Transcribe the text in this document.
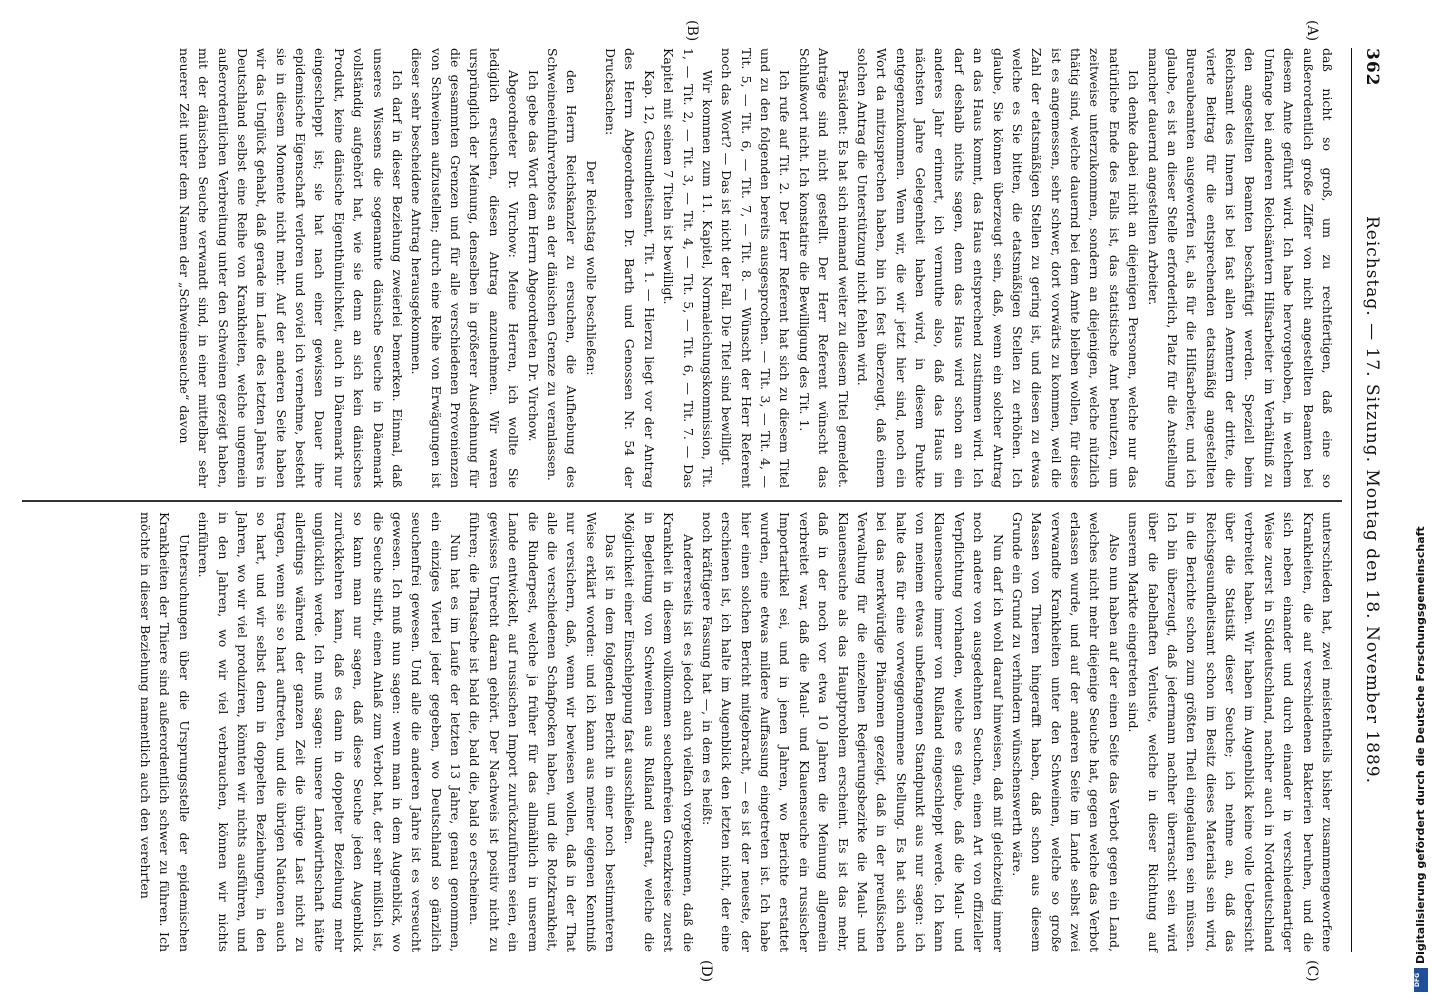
362
Reichstag. — 17. Sitzung. Montag den 18. November 1889.
(A)
(B)
(C)
(D)

daß nicht so groß, um zu rechtfertigen, daß eine so außerordentlich große Ziffer von nicht angestellten Beamten bei diesem Amte geführt wird. Ich habe hervorgehoben, in welchem Umfange bei anderen Reichsämtern Hilfsarbeiter im Verhältniß zu den angestellten Beamten beschäftigt werden. Speziell beim Reichsamt des Innern ist bei fast allen Aemtern der dritte, die vierte Beitrag für die entsprechenden etatsmäßig angestellten Bureaubeamten ausgeworfen ist, als für die Hilfsarbeiter, und ich glaube, es ist an dieser Stelle erforderlich, Platz für die Anstellung mancher dauernd angestellten Arbeiter.

Ich denke dabei nicht an diejenigen Personen, welche nur das natürliche Ende des Falls ist, das statistische Amt benutzen, um zeitweise unterzukommen, sondern an diejenigen, welche nützlich thätig sind, welche dauernd bei dem Amte bleiben wollen, für diese ist es angemessen, sehr schwer, dort vorwärts zu kommen, weil die Zahl der etatsmäßigen Stellen zu gering ist, und diesen zu etwas welche es Sie bitten, die etatsmäßigen Stellen zu erhöhen. Ich glaube, Sie können überzeugt sein, daß, wenn ein solcher Antrag an das Haus kommt, das Haus entsprechend zustimmen wird. Ich darf deshalb nichts sagen, denn das Haus wird schon an ein anderes Jahr erinnert, ich vermuthe also, daß das Haus im nächsten Jahre Gelegenheit haben wird, in diesem Punkte entgegenzukommen. Wenn wir, die wir jetzt hier sind, noch ein Wort da mitzusprechen haben, bin ich fest überzeugt, daß einem solchen Antrag die Unterstützung nicht fehlen wird.

Präsident: Es hat sich niemand weiter zu diesem Titel gemeldet. Anträge sind nicht gestellt. Der Herr Referent wünscht das Schlußwort nicht. Ich konstatire die Bewilligung des Tit. 1.

Ich rufe auf Tit. 2. Der Herr Referent hat sich zu diesem Titel und zu den folgenden bereits ausgesprochen. — Tit. 3, — Tit. 4, — Tit. 5, — Tit. 6, — Tit. 7, — Tit. 8. — Wünscht der Herr Referent noch das Wort? — Das ist nicht der Fall. Die Titel sind bewilligt.

Wir kommen zum 11. Kapitel, Normaleichungskommission, Tit. 1, — Tit. 2, — Tit. 3, — Tit. 4, — Tit. 5, — Tit. 6, — Tit. 7. — Das Kapitel mit seinen 7 Titeln ist bewilligt.

Kap. 12, Gesundheitsamt, Tit. 1. — Hierzu liegt vor der Antrag des Herrn Abgeordneten Dr. Barth und Genossen Nr. 54 der Drucksachen:

Der Reichstag wolle beschließen:

den Herrn Reichskanzler zu ersuchen, die Aufhebung des Schweineeinfuhrverbotes an der dänischen Grenze zu veranlassen.

Ich gebe das Wort dem Herrn Abgeordneten Dr. Virchow.

Abgeordneter Dr. Virchow: Meine Herren, ich wollte Sie lediglich ersuchen, diesen Antrag anzunehmen. Wir waren ursprünglich der Meinung, denselben in größerer Ausdehnung für die gesammten Grenzen und für alle verschiedenen Provenienzen von Schweinen aufzustellen; durch eine Reihe von Erwägungen ist dieser sehr bescheidene Antrag herausgekommen.

Ich darf in dieser Beziehung zweierlei bemerken. Einmal, daß unseres Wissens die sogenannte dänische Seuche in Dänemark vollständig aufgehört hat, wie sie denn an sich kein dänisches Produkt, keine dänische Eigenthümlichkeit, auch in Dänemark nur eingeschleppt ist; sie hat nach einer gewissen Dauer ihre epidemische Eigenschaft verloren und soviel ich vernehme, besteht sie in diesem Momente nicht mehr. Auf der anderen Seite haben wir das Unglück gehabt, daß gerade im Laufe des letzten Jahres in Deutschland selbst eine Reihe von Krankheiten, welche ungemein außerordentlichen Verbreitung unter den Schweinen gezeigt haben, mit der dänischen Seuche verwandt sind, in einer mittelbar sehr neuerer Zeit unter dem Namen der „Schweineseuche“ davon

unterschieden hat, zwei meistentheils bisher zusammengeworfene Krankheiten, die auf verschiedenen Bakterien beruhen, und die sich neben einander und durch einander in verschiedenartiger Weise zuerst in Süddeutschland, nachher auch in Norddeutschland verbreitet haben. Wir haben im Augenblick keine volle Uebersicht über die Statistik dieser Seuche; ich nehme an, daß das Reichsgesundheitsamt schon im Besitz dieses Materials sein wird, in die Berichte schon zum größten Theil eingelaufen sein müssen. Ich bin überzeugt, daß jedermann nachher überrascht sein wird über die fabelhaften Verluste, welche in dieser Richtung auf unserem Markte eingetreten sind.

Also nun haben auf der einen Seite das Verbot gegen ein Land, welches nicht mehr diejenige Seuche hat, gegen welche das Verbot erlassen wurde, und auf der anderen Seite im Lande selbst zwei verwandte Krankheiten unter den Schweinen, welche so große Massen von Thieren hingerafft haben, daß schon aus diesem Grunde ein Grund zu verhindern wünschenswerth wäre.

Nun darf ich wohl darauf hinweisen, daß mit gleichzeitig immer noch andere von ausgedehnten Seuchen, einen Art von offizieller Verpflichtung vorhanden, welche es glaube, daß die Maul- und Klauenseuche immer von Rußland eingeschleppt werde. Ich kann von meinem etwas unbefangenen Standpunkt aus nur sagen: ich halte das für eine vorweggenommene Stellung. Es hat sich auch bei das merkwürdige Phänomen gezeigt, daß in der preußischen Verwaltung für die einzelnen Regierungsbezirke die Maul- und Klauenseuche als das Hauptproblem erscheint. Es ist das mehr, daß in der noch vor etwa 10 Jahren die Meinung allgemein verbreitet war, daß die Maul- und Klauenseuche ein russischer Importartikel sei, und in jenen Jahren, wo Berichte erstattet wurden, eine etwas mildere Auffassung eingetreten ist. Ich habe hier einen solchen Bericht mitgebracht, — es ist der neueste, der erschienen ist, ich halte im Augenblick den letzten nicht, der eine noch kräftigere Fassung hat —, in dem es heißt:

Andererseits ist es jedoch auch vielfach vorgekommen, daß die Krankheit in diesem vollkommen seuchenfreien Grenzkreise zuerst in Begleitung von Schweinen aus Rußland auftrat, welche die Möglichkeit einer Einschleppung fast ausschließen.

Das ist in dem folgenden Bericht in einer noch bestimmteren Weise erklärt worden: und ich kann aus meiner eigenen Kenntniß nur versichern, daß, wenn wir bewiesen wollen, daß in der That alle die verschiedenen Schafpocken haben, und die Rotzkrankheit, die Rinderpest, welche ja früher für das allmählich in unserem Lande entwickelt, auf russischen Import zurückzuführen seien, ein gewisses Unrecht daran gehört. Der Nachweis ist positiv nicht zu führen; die Thatsache ist bald die, bald die, bald so erscheinen.

Nun hat es im Laufe der letzten 13 Jahre, genau genommen, ein einziges Viertel jeder gegeben, wo Deutschland so gänzlich seuchenfrei gewesen. Und alle die anderen Jahre ist es verseucht gewesen. Ich muß nun sagen: wenn man in dem Augenblick, wo die Seuche stirbt, einen Anlaß zum Verbot hat, der sehr mißlich ist, so kann man nur sagen, daß diese Seuche jeden Augenblick zurückkehren kann, daß es dann in doppelter Beziehung mehr unglücklich werde. Ich muß sagen: unsere Landwirthschaft hätte allerdings während der ganzen Zeit die übrige Last nicht zu tragen, wenn sie so hart auftreten, und die übrigen Nationen auch so hart, und wir selbst denn in doppelten Beziehungen, in den Jahren, wo wir viel produziren, könnten wir nichts ausführen, und in den Jahren, wo wir viel verbrauchen, können wir nichts einführen.

Untersuchungen über die Ursprungsstelle der epidemischen Krankheiten der Thiere sind außerordentlich schwer zu führen. Ich möchte in dieser Beziehung namentlich auch den verehrten	Digitalisierung gefördert durch die Deutsche Forschungsgemeinschaft
DFG
